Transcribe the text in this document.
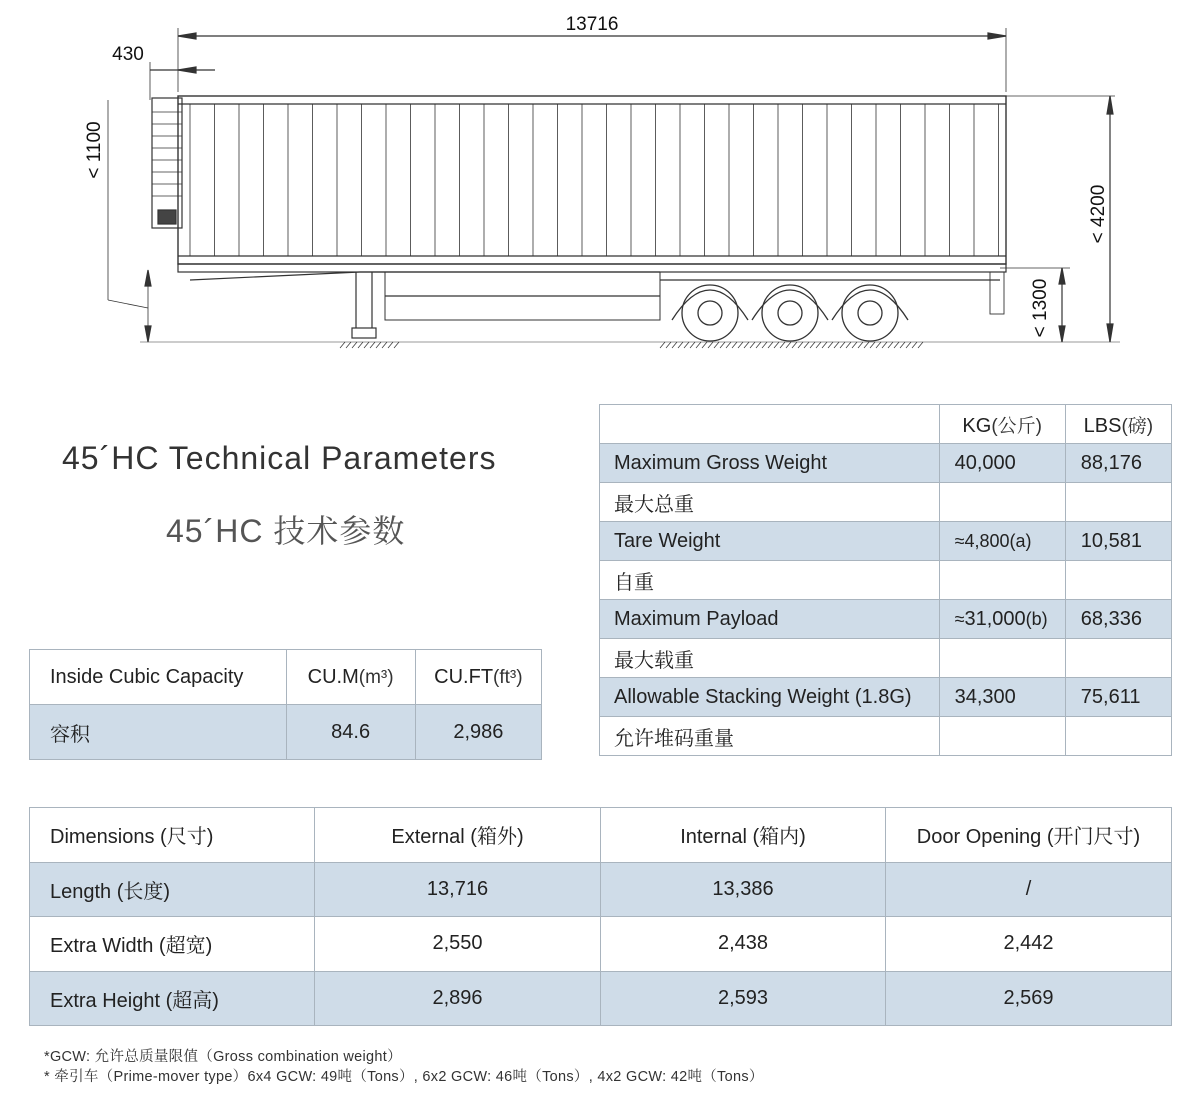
13716
430
< 1100
< 4200
< 1300
45´HC Technical Parameters
45´HC 技术参数
	KG(公斤)	LBS(磅)
Maximum Gross Weight	40,000	88,176
最大总重		
Tare Weight	≈4,800(a)	10,581
自重		
Maximum Payload	≈31,000(b)	68,336
最大载重		
Allowable Stacking Weight (1.8G)	34,300	75,611
允许堆码重量		
Inside Cubic Capacity	CU.M(m³)	CU.FT(ft³)
容积	84.6	2,986
Dimensions (尺寸)	External (箱外)	Internal (箱内)	Door Opening (开门尺寸)
Length (长度)	13,716	13,386	/
Extra Width (超宽)	2,550	2,438	2,442
Extra Height (超高)	2,896	2,593	2,569
*GCW: 允许总质量限值（Gross combination weight）
* 牵引车（Prime-mover type）6x4 GCW: 49吨（Tons）, 6x2 GCW: 46吨（Tons）, 4x2 GCW: 42吨（Tons）
